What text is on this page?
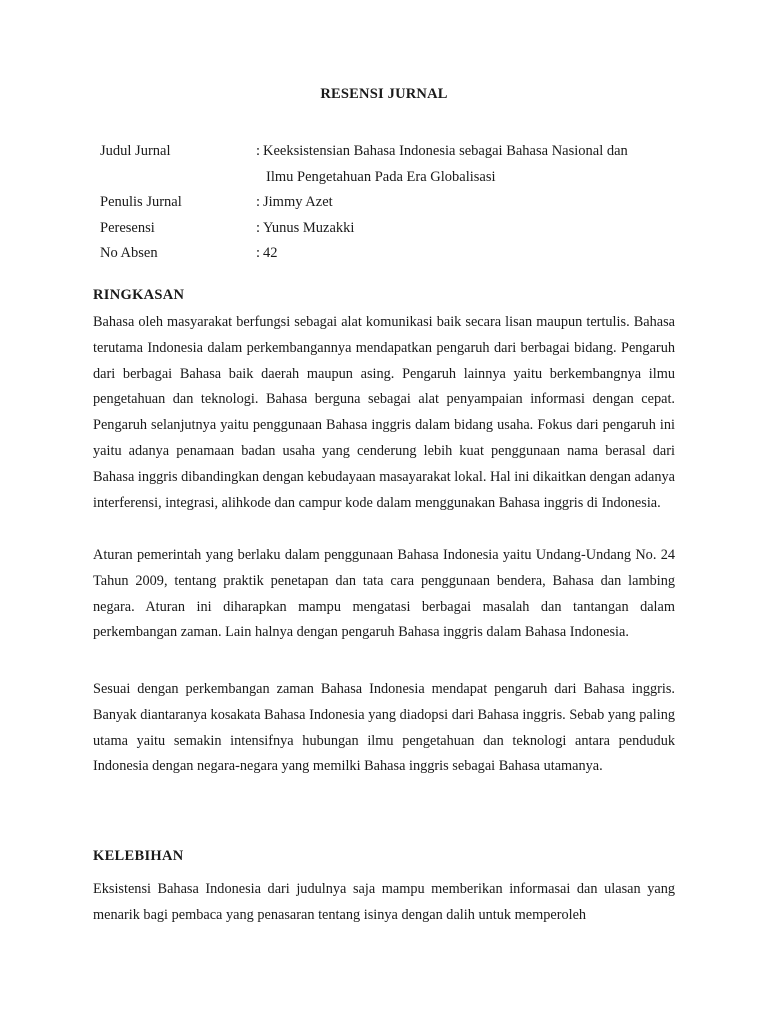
RESENSI JURNAL
Judul Jurnal	: Keeksistensian Bahasa Indonesia sebagai Bahasa Nasional dan
Ilmu Pengetahuan Pada Era Globalisasi
Penulis Jurnal	: Jimmy Azet
Peresensi	: Yunus Muzakki
No Absen	: 42
RINGKASAN

Bahasa oleh masyarakat berfungsi sebagai alat komunikasi baik secara lisan maupun tertulis. Bahasa terutama Indonesia dalam perkembangannya mendapatkan pengaruh dari berbagai bidang. Pengaruh dari berbagai Bahasa baik daerah maupun asing. Pengaruh lainnya yaitu berkembangnya ilmu pengetahuan dan teknologi. Bahasa berguna sebagai alat penyampaian informasi dengan cepat. Pengaruh selanjutnya yaitu penggunaan Bahasa inggris dalam bidang usaha. Fokus dari pengaruh ini yaitu adanya penamaan badan usaha yang cenderung lebih kuat penggunaan nama berasal dari Bahasa inggris dibandingkan dengan kebudayaan masayarakat lokal. Hal ini dikaitkan dengan adanya interferensi, integrasi, alihkode dan campur kode dalam menggunakan Bahasa inggris di Indonesia.

Aturan pemerintah yang berlaku dalam penggunaan Bahasa Indonesia yaitu Undang-Undang No. 24 Tahun 2009, tentang praktik penetapan dan tata cara penggunaan bendera, Bahasa dan lambing negara. Aturan ini diharapkan mampu mengatasi berbagai masalah dan tantangan dalam perkembangan zaman. Lain halnya dengan pengaruh Bahasa inggris dalam Bahasa Indonesia.

Sesuai dengan perkembangan zaman Bahasa Indonesia mendapat pengaruh dari Bahasa inggris. Banyak diantaranya kosakata Bahasa Indonesia yang diadopsi dari Bahasa inggris. Sebab yang paling utama yaitu semakin intensifnya hubungan ilmu pengetahuan dan teknologi antara penduduk Indonesia dengan negara-negara yang memilki Bahasa inggris sebagai Bahasa utamanya.

KELEBIHAN

Eksistensi Bahasa Indonesia dari judulnya saja mampu memberikan informasai dan ulasan yang menarik bagi pembaca yang penasaran tentang isinya dengan dalih untuk memperoleh
